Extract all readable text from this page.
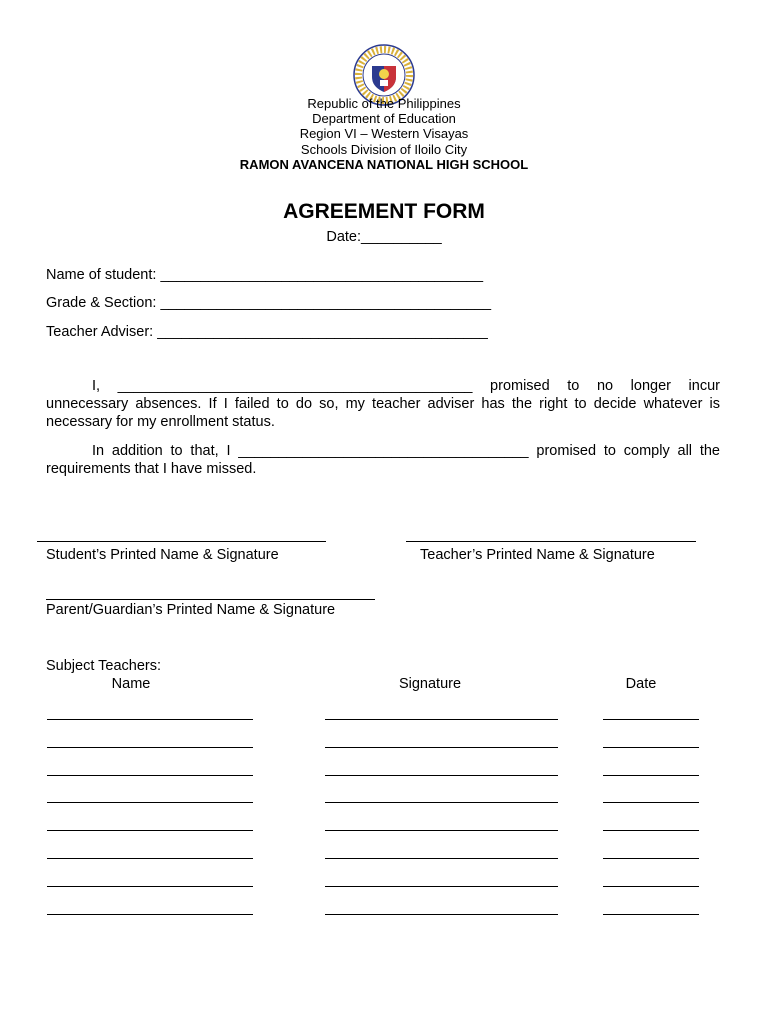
Republic of the Philippines
Department of Education
Region VI – Western Visayas
Schools Division of Iloilo City
RAMON AVANCENA NATIONAL HIGH SCHOOL
AGREEMENT FORM
Date:__________
Name of student: ________________________________________
Grade & Section: _________________________________________
Teacher Adviser: _________________________________________
I, ____________________________________________ promised to no longer incur unnecessary absences. If I failed to do so, my teacher adviser has the right to decide whatever is necessary for my enrollment status.
In addition to that, I ____________________________________ promised to comply all the requirements that I have missed.
Student’s Printed Name & Signature	Teacher’s Printed Name & Signature
Parent/Guardian’s Printed Name & Signature
Subject Teachers:
Name	Signature	Date
